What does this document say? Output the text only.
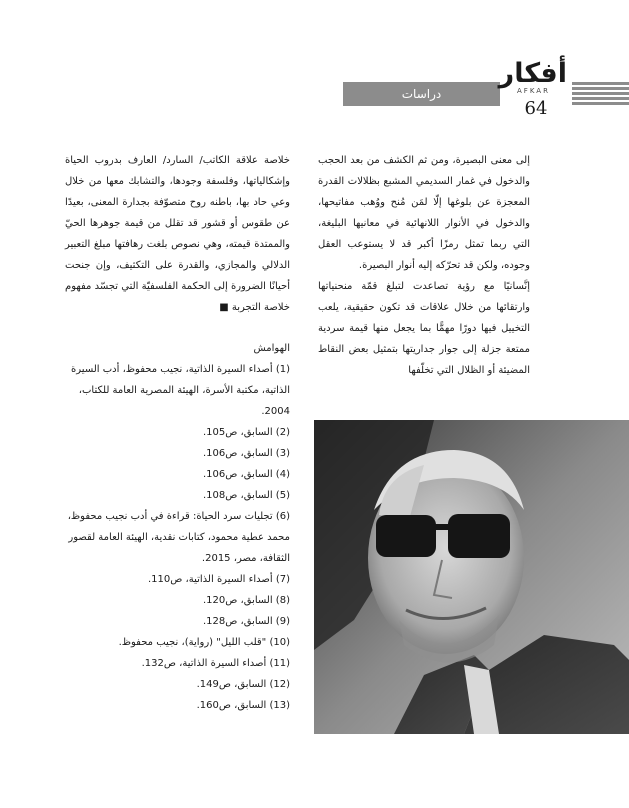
دراسات
أفكار
AFKAR
64

إلى معنى البصيرة، ومن ثم الكشف من بعد الحجب والدخول في غمار السديمي المشبع بظلالات القدرة المعجزة عن بلوغها إلّا لمَن مُنح ووُهب مفاتيحها، والدخول في الأنوار اللانهائية في معانيها البليغة، التي ربما تمثل رمزًا أكبر قد لا يستوعب العقل وجوده، ولكن قد تحرّكه إليه أنوار البصيرة.

إنَّسانيًا مع رؤية تصاعدت لتبلغ قمّة منحنياتها وارتقائها من خلال علاقات قد تكون حقيقية، يلعب التخييل فيها دورًا مهمًّا بما يجعل منها قيمة سردية ممتعة جزلة إلى جوار جداريتها بتمثيل بعض النقاط المضيئة أو الظلال التي تخلّفها

خلاصة علاقة الكاتب/ السارد/ العارف بدروب الحياة وإشكالياتها، وفلسفة وجودها، والتشابك معها من خلال وعي حاد بها، باطنه روح متصوّفة بجدارة المعنى، بعيدًا عن طقوس أو قشور قد تقلل من قيمة جوهرها الحيّ والممتدة قيمته، وهي نصوص بلغت رهافتها مبلغ التعبير الدلالي والمجازي، والقدرة على التكثيف، وإن جنحت أحيانًا الضرورة إلى الحكمة الفلسفيّة التي تجسّد مفهوم خلاصة التجربة ■

الهوامش

(1) أصداء السيرة الذاتية، نجيب محفوظ، أدب السيرة الذاتية، مكتبة الأسرة، الهيئة المصرية العامة للكتاب، 2004.

(2) السابق، ص105.

(3) السابق، ص106.

(4) السابق، ص106.

(5) السابق، ص108.

(6) تجليات سرد الحياة: قراءة في أدب نجيب محفوظ، محمد عطية محمود، كتابات نقدية، الهيئة العامة لقصور الثقافة، مصر، 2015.

(7) أصداء السيرة الذاتية، ص110.

(8) السابق، ص120.

(9) السابق، ص128.

(10) "قلب الليل" (رواية)، نجيب محفوظ.

(11) أصداء السيرة الذاتية، ص132.

(12) السابق، ص149.

(13) السابق، ص160.
